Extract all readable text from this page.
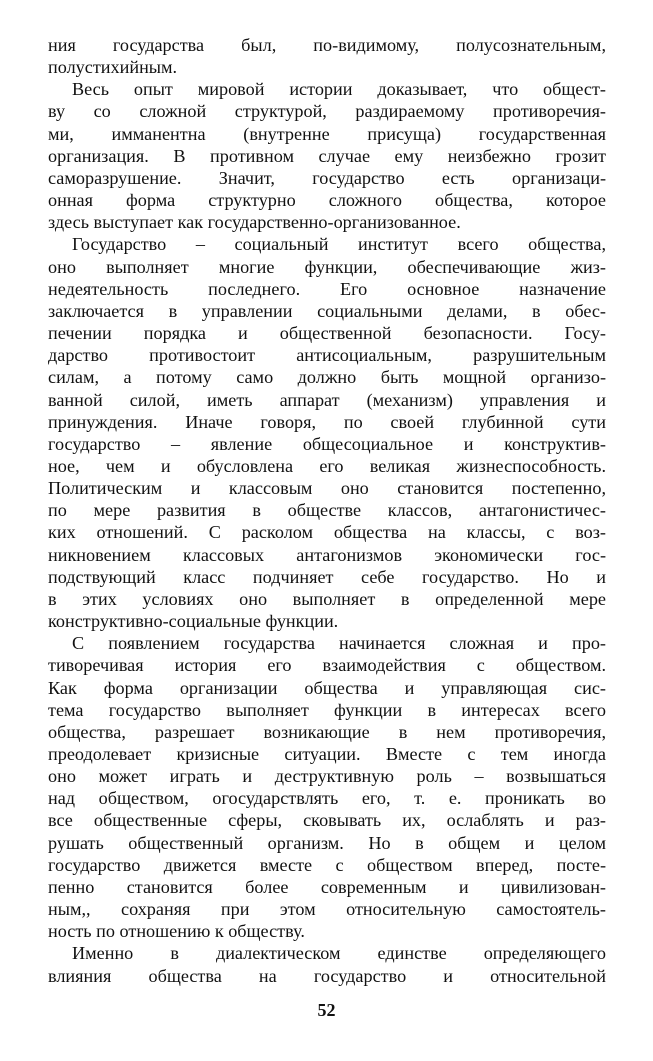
ния государства был, по-видимому, полусознательным,
полустихийным.
Весь опыт мировой истории доказывает, что общест-
ву со сложной структурой, раздираемому противоречия-
ми, имманентна (внутренне присуща) государственная
организация. В противном случае ему неизбежно грозит
саморазрушение. Значит, государство есть организаци-
онная форма структурно сложного общества, которое
здесь выступает как государственно-организованное.
Государство – социальный институт всего общества,
оно выполняет многие функции, обеспечивающие жиз-
недеятельность последнего. Его основное назначение
заключается в управлении социальными делами, в обес-
печении порядка и общественной безопасности. Госу-
дарство противостоит антисоциальным, разрушительным
силам, а потому само должно быть мощной организо-
ванной силой, иметь аппарат (механизм) управления и
принуждения. Иначе говоря, по своей глубинной сути
государство – явление общесоциальное и конструктив-
ное, чем и обусловлена его великая жизнеспособность.
Политическим и классовым оно становится постепенно,
по мере развития в обществе классов, антагонистичес-
ких отношений. С расколом общества на классы, с воз-
никновением классовых антагонизмов экономически гос-
подствующий класс подчиняет себе государство. Но и
в этих условиях оно выполняет в определенной мере
конструктивно-социальные функции.
С появлением государства начинается сложная и про-
тиворечивая история его взаимодействия с обществом.
Как форма организации общества и управляющая сис-
тема государство выполняет функции в интересах всего
общества, разрешает возникающие в нем противоречия,
преодолевает кризисные ситуации. Вместе с тем иногда
оно может играть и деструктивную роль – возвышаться
над обществом, огосударствлять его, т. е. проникать во
все общественные сферы, сковывать их, ослаблять и раз-
рушать общественный организм. Но в общем и целом
государство движется вместе с обществом вперед, посте-
пенно становится более современным и цивилизован-
ным,, сохраняя при этом относительную самостоятель-
ность по отношению к обществу.
Именно в диалектическом единстве определяющего
влияния общества на государство и относительной
52
